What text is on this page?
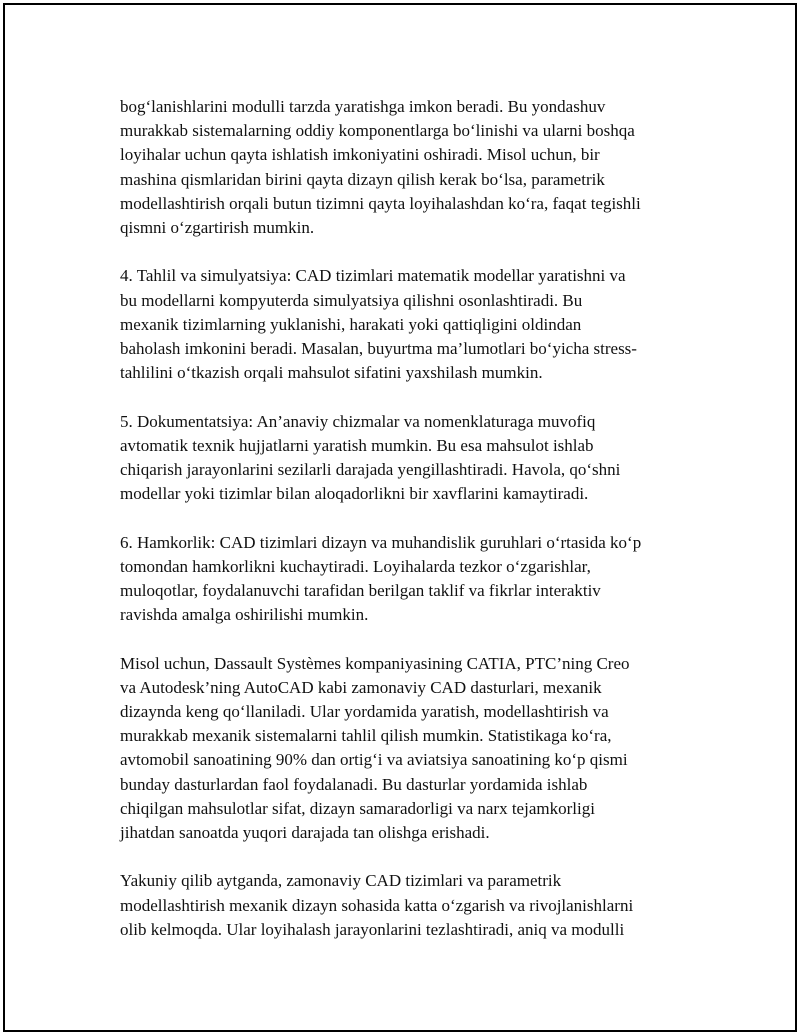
bog‘lanishlarini modulli tarzda yaratishga imkon beradi. Bu yondashuv
murakkab sistemalarning oddiy komponentlarga bo‘linishi va ularni boshqa
loyihalar uchun qayta ishlatish imkoniyatini oshiradi. Misol uchun, bir
mashina qismlaridan birini qayta dizayn qilish kerak bo‘lsa, parametrik
modellashtirish orqali butun tizimni qayta loyihalashdan ko‘ra, faqat tegishli
qismni o‘zgartirish mumkin.

4. Tahlil va simulyatsiya: CAD tizimlari matematik modellar yaratishni va
bu modellarni kompyuterda simulyatsiya qilishni osonlashtiradi. Bu
mexanik tizimlarning yuklanishi, harakati yoki qattiqligini oldindan
baholash imkonini beradi. Masalan, buyurtma ma’lumotlari bo‘yicha stress-
tahlilini o‘tkazish orqali mahsulot sifatini yaxshilash mumkin.

5. Dokumentatsiya: An’anaviy chizmalar va nomenklaturaga muvofiq
avtomatik texnik hujjatlarni yaratish mumkin. Bu esa mahsulot ishlab
chiqarish jarayonlarini sezilarli darajada yengillashtiradi. Havola, qo‘shni
modellar yoki tizimlar bilan aloqadorlikni bir xavflarini kamaytiradi.

6. Hamkorlik: CAD tizimlari dizayn va muhandislik guruhlari o‘rtasida ko‘p
tomondan hamkorlikni kuchaytiradi. Loyihalarda tezkor o‘zgarishlar,
muloqotlar, foydalanuvchi tarafidan berilgan taklif va fikrlar interaktiv
ravishda amalga oshirilishi mumkin.

Misol uchun, Dassault Systèmes kompaniyasining CATIA, PTC’ning Creo
va Autodesk’ning AutoCAD kabi zamonaviy CAD dasturlari, mexanik
dizaynda keng qo‘llaniladi. Ular yordamida yaratish, modellashtirish va
murakkab mexanik sistemalarni tahlil qilish mumkin. Statistikaga ko‘ra,
avtomobil sanoatining 90% dan ortig‘i va aviatsiya sanoatining ko‘p qismi
bunday dasturlardan faol foydalanadi. Bu dasturlar yordamida ishlab
chiqilgan mahsulotlar sifat, dizayn samaradorligi va narx tejamkorligi
jihatdan sanoatda yuqori darajada tan olishga erishadi.

Yakuniy qilib aytganda, zamonaviy CAD tizimlari va parametrik
modellashtirish mexanik dizayn sohasida katta o‘zgarish va rivojlanishlarni
olib kelmoqda. Ular loyihalash jarayonlarini tezlashtiradi, aniq va modulli
